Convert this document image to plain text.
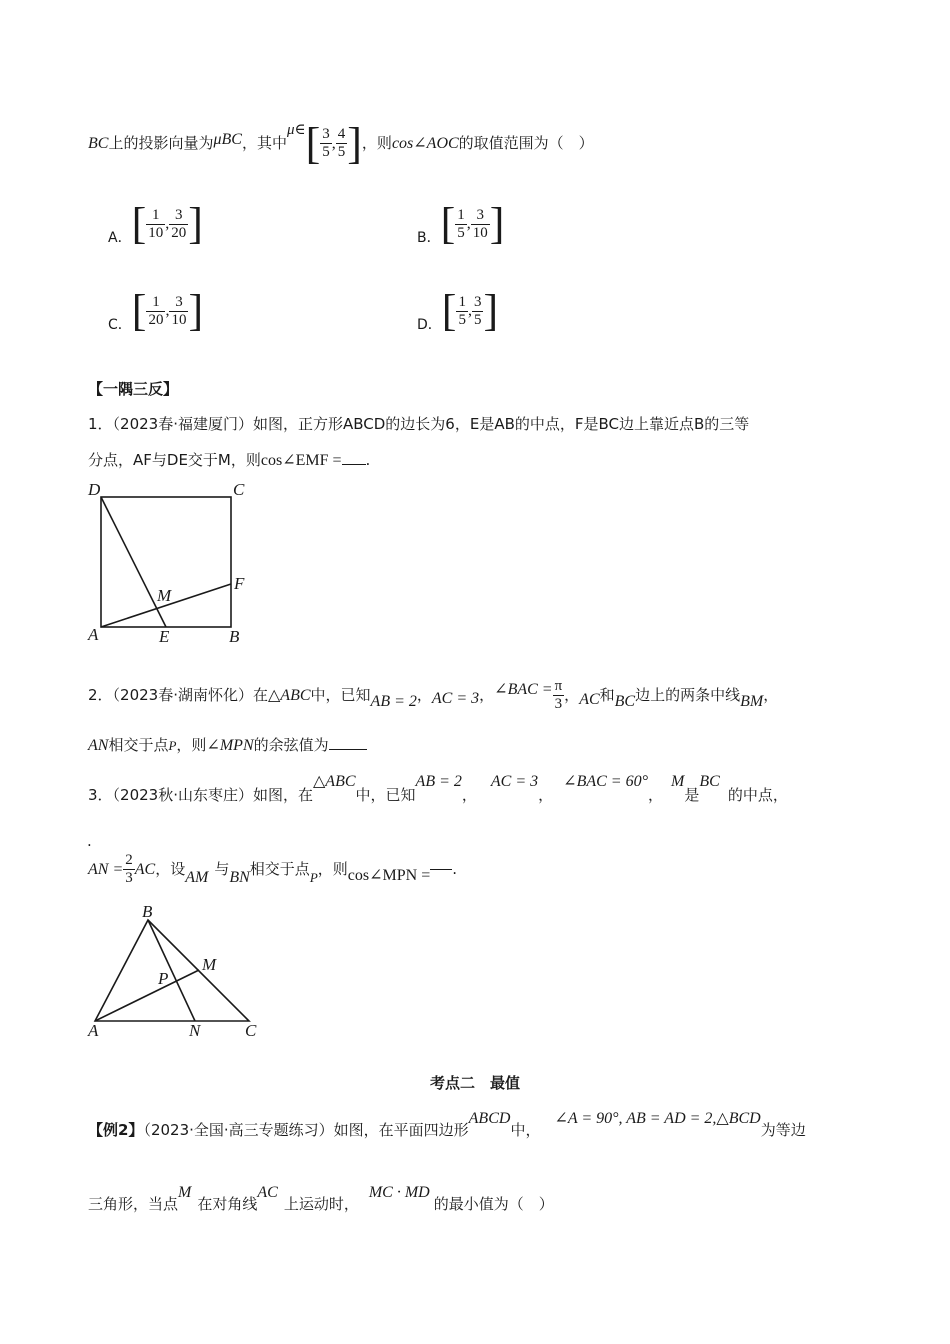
BC上的投影向量为μBC，其中μ∈[ $\frac{3}{5}$ , $\frac{4}{5}$ ]，则cos∠AOC的取值范围为（　）
A．[ $\frac{1}{10}$ , $\frac{3}{20}$ ]	B．[ $\frac{1}{5}$ , $\frac{3}{10}$ ]
C．[ $\frac{1}{20}$ , $\frac{3}{10}$ ]	D．[ $\frac{1}{5}$ , $\frac{3}{5}$ ]
【一隅三反】
1．（2023春·福建厦门）如图，正方形ABCD的边长为6，E是AB的中点，F是BC边上靠近点B的三等
分点，AF与DE交于M，则cos∠EMF = .
D	C
M
F
A	E	B
2．（2023春·湖南怀化）在△ABC中，已知AB = 2，AC = 3，∠BAC = $\frac{\pi}{3}$ ，AC和BC边上的两条中线BM，
AN相交于点P，则∠MPN的余弦值为
3．（2023秋·山东枣庄）如图，在△ABC中，已知AB = 2，AC = 3，∠BAC = 60°，M是BC的中点，
.
AN = $\frac{2}{3}$ AC，设AM 与BN相交于点P，则cos∠MPN = .
B
M
P
A	N	C
考点二　最值
【例2】（2023·全国·高三专题练习）如图，在平面四边形ABCD中，∠A = 90°, AB = AD = 2,△BCD为等边
三角形，当点M在对角线AC上运动时，MC · MD的最小值为（　）
